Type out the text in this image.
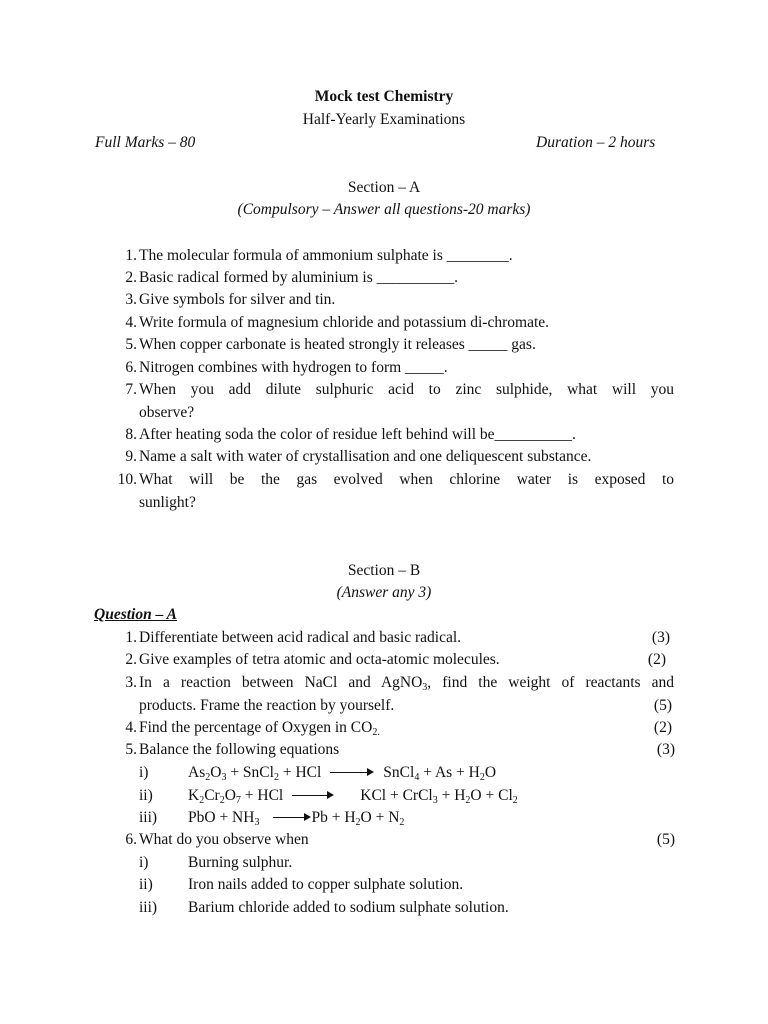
Mock test Chemistry
Half-Yearly Examinations
Full Marks – 80	Duration – 2 hours
Section – A
(Compulsory – Answer all questions-20 marks)
1. The molecular formula of ammonium sulphate is ________.
2. Basic radical formed by aluminium is __________.
3. Give symbols for silver and tin.
4. Write formula of magnesium chloride and potassium di-chromate.
5. When copper carbonate is heated strongly it releases _____ gas.
6. Nitrogen combines with hydrogen to form _____.
7. When you add dilute sulphuric acid to zinc sulphide, what will you
observe?
8. After heating soda the color of residue left behind will be__________.
9. Name a salt with water of crystallisation and one deliquescent substance.
10. What will be the gas evolved when chlorine water is exposed to
sunlight?
Section – B
(Answer any 3)
Question – A
1. Differentiate between acid radical and basic radical.	(3)
2. Give examples of tetra atomic and octa-atomic molecules.	(2)
3. In a reaction between NaCl and AgNO$_3$, find the weight of reactants and
products. Frame the reaction by yourself.	(5)
4. Find the percentage of Oxygen in $CO_{2.}$	(2)
5. Balance the following equations	(3)
i)	$As_2O_3$ + SnCl$_2$ + HCl	SnCl$_4$ + $As + H_2O$
ii) $K_2Cr_2O_7$ + HCl	KCl + CrCl$_3$ + $H_2O + Cl_2$
iii) PbO + $NH_3$	$Pb + H_2O + N_2$
6. What do you observe when	(5)
i)	Burning sulphur.
ii) Iron nails added to copper sulphate solution.
iii) Barium chloride added to sodium sulphate solution.
